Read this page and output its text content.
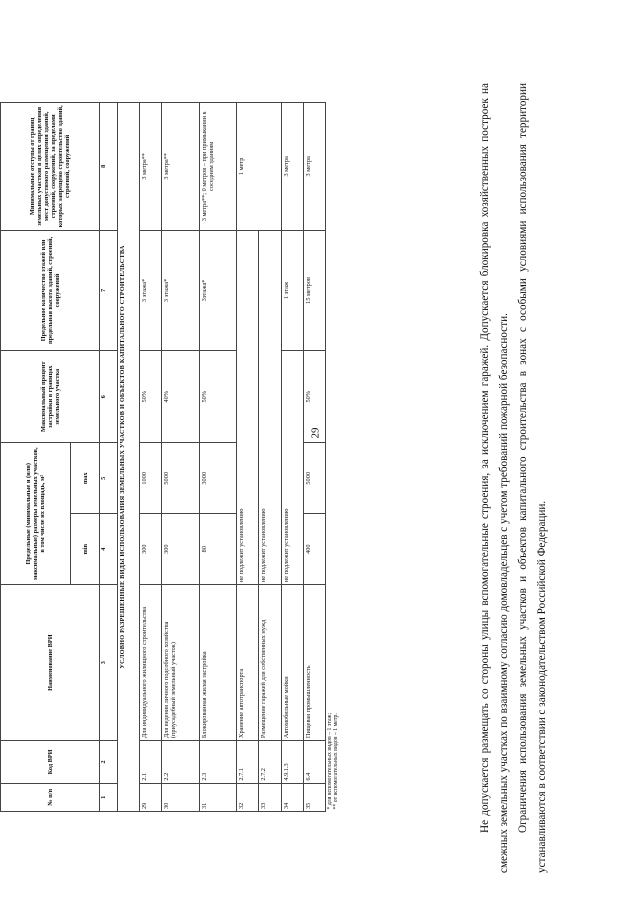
29
№ п/п	Код ВРИ	Наименование ВРИ	Предельные (минимальные и (или) максимальные) размеры земельных участков, в том числе их площадь, м²		Максимальный процент застройки в границах земельного участка	Предельное количество этажей или предельная высота зданий, строений, сооружений	Минимальные отступы от границ земельных участков в целях определения мест допустимого размещения зданий, строений, сооружений, за пределами которых запрещено строительство зданий, строений, сооружений
			min	max			
1	2	3	4	5	6	7	8
УСЛОВНО РАЗРЕШЕННЫЕ ВИДЫ ИСПОЛЬЗОВАНИЯ ЗЕМЕЛЬНЫХ УЧАСТКОВ И ОБЪЕКТОВ КАПИТАЛЬНОГО СТРОИТЕЛЬСТВА							
29	2.1	Для индивидуального жилищного строительства	300	1000	50%	3 этажа*	3 метра**
30	2.2	Для ведения личного подсобного хозяйства (приусадебный земельный участок)	300	5000	40%	3 этажа*	3 метра**
31	2.3	Блокированная жилая застройка	80	3000	50%	3этажа*	3 метра**; 0 метров – при примыкании к соседним зданиям
32	2.7.1	Хранение автотранспорта	не подлежит установлению				1 метр
33	2.7.2	Размещение гаражей для собственных нужд	не подлежит установлению				
34	4.9.1.3	Автомобильные мойки	не подлежит установлению			1 этаж	3 метра
35	6.4	Пищевая промышленность	400	5000	50%	15 метров	3 метра

* для вспомогательных видов – 1 этаж; ** от вспомогательных видов – 1 метр.								Не допускается размещать со стороны улицы вспомогательные строения, за исключением гаражей. Допускается блокировка хозяйственных построек на смежных земельных участках по взаимному согласию домовладельцев с учетом требований пожарной безопасности. Ограничения использования земельных участков и объектов капитального строительства в зонах с особыми условиями использования территории устанавливаются в соответствии с законодательством Российской Федерации.
